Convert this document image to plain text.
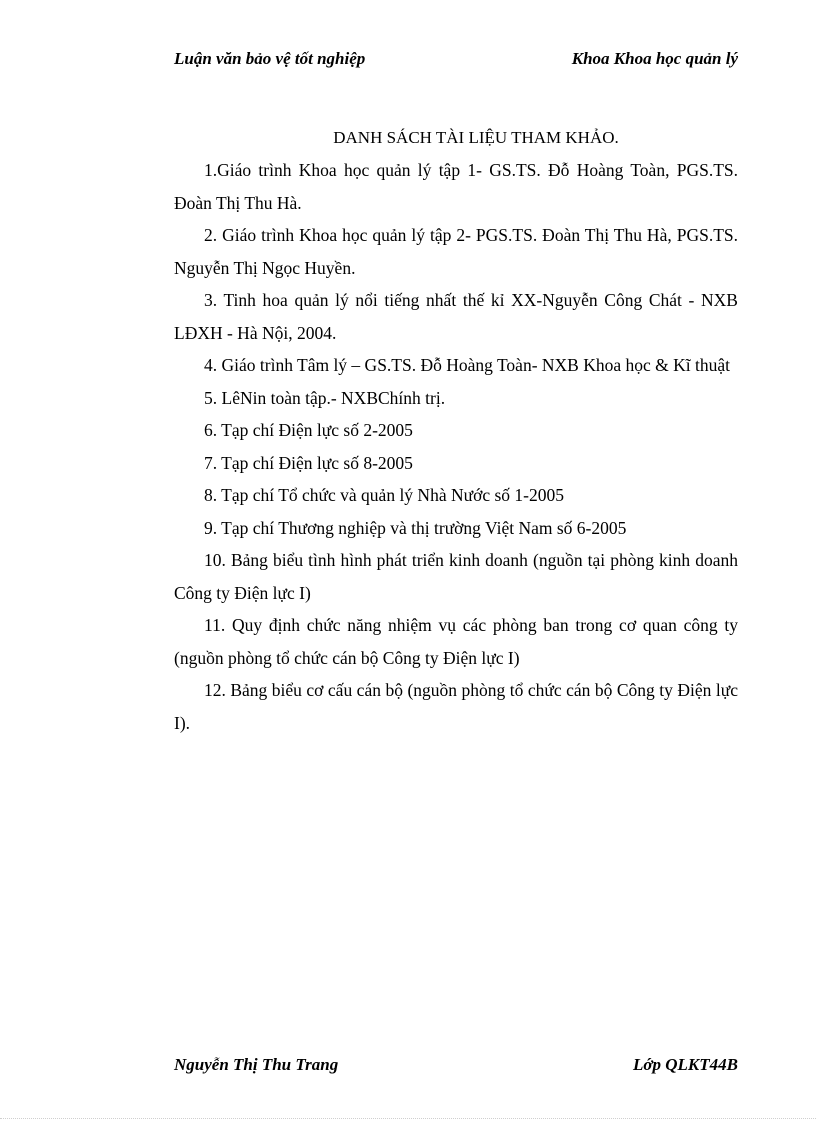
Luận văn bảo vệ tốt nghiệp	Khoa Khoa học quản lý
DANH SÁCH TÀI LIỆU THAM KHẢO.
1.Giáo trình Khoa học quản lý tập 1- GS.TS. Đỗ Hoàng Toàn, PGS.TS. Đoàn Thị Thu Hà.
2. Giáo trình Khoa học quản lý tập 2- PGS.TS. Đoàn Thị Thu Hà, PGS.TS. Nguyễn Thị Ngọc Huyền.
3. Tinh hoa quản lý nổi tiếng nhất thế kỉ XX-Nguyễn Công Chát - NXB LĐXH - Hà Nội, 2004.
4. Giáo trình Tâm lý – GS.TS. Đỗ Hoàng Toàn- NXB Khoa học & Kĩ thuật
5. LêNin toàn tập.- NXBChính trị.
6. Tạp chí Điện lực số 2-2005
7. Tạp chí Điện lực số 8-2005
8. Tạp chí Tổ chức và quản lý Nhà Nước số 1-2005
9. Tạp chí Thương nghiệp và thị trường Việt Nam số 6-2005
10. Bảng biểu tình hình phát triển kinh doanh (nguồn tại phòng kinh doanh Công ty Điện lực I)
11. Quy định chức năng nhiệm vụ các phòng ban trong cơ quan công ty (nguồn phòng tổ chức cán bộ Công ty Điện lực I)
12. Bảng biểu cơ cấu cán bộ (nguồn phòng tổ chức cán bộ Công ty Điện lực I).
Nguyễn Thị Thu Trang	Lớp QLKT44B
